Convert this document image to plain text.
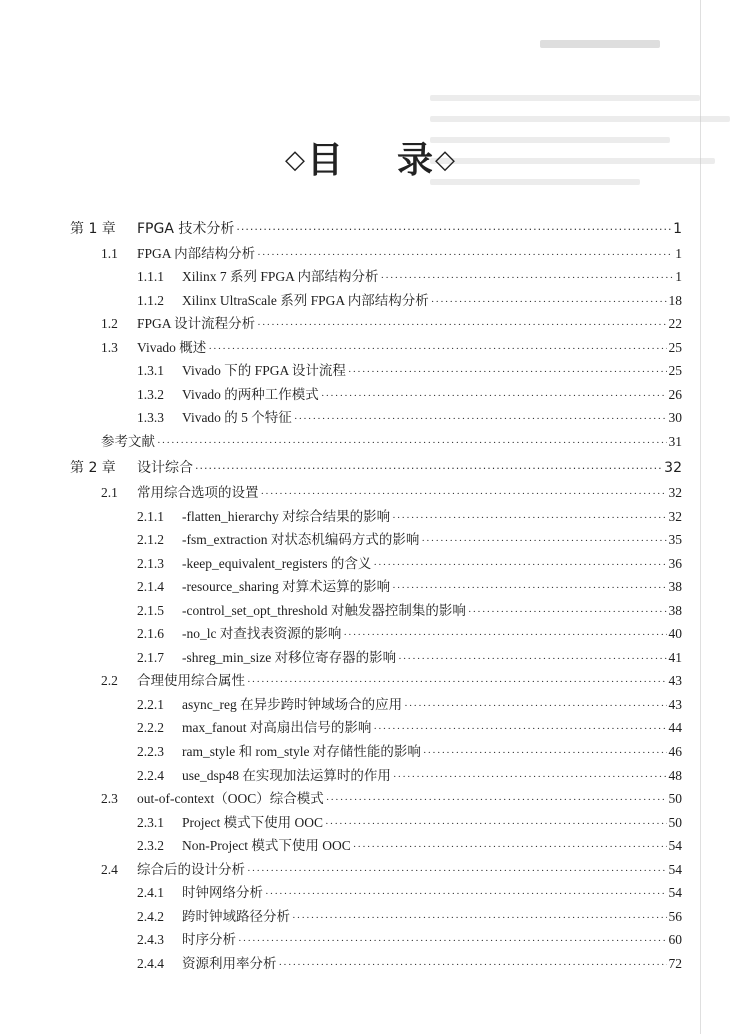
◇目 录◇
第 1 章 FPGA 技术分析 ·····	1
1.1 FPGA 内部结构分析 ·····	1
1.1.1 Xilinx 7 系列 FPGA 内部结构分析 ·····	1
1.1.2 Xilinx UltraScale 系列 FPGA 内部结构分析 ·····	18
1.2 FPGA 设计流程分析 ·····	22
1.3 Vivado 概述 ·····	25
1.3.1 Vivado 下的 FPGA 设计流程 ·····	25
1.3.2 Vivado 的两种工作模式 ·····	26
1.3.3 Vivado 的 5 个特征 ·····	30
参考文献 ·····	31
第 2 章 设计综合 ·····	32
2.1 常用综合选项的设置 ·····	32
2.1.1 -flatten_hierarchy 对综合结果的影响 ·····	32
2.1.2 -fsm_extraction 对状态机编码方式的影响 ·····	35
2.1.3 -keep_equivalent_registers 的含义 ·····	36
2.1.4 -resource_sharing 对算术运算的影响 ·····	38
2.1.5 -control_set_opt_threshold 对触发器控制集的影响 ·····	38
2.1.6 -no_lc 对查找表资源的影响 ·····	40
2.1.7 -shreg_min_size 对移位寄存器的影响 ·····	41
2.2 合理使用综合属性 ·····	43
2.2.1 async_reg 在异步跨时钟域场合的应用 ·····	43
2.2.2 max_fanout 对高扇出信号的影响 ·····	44
2.2.3 ram_style 和 rom_style 对存储性能的影响 ·····	46
2.2.4 use_dsp48 在实现加法运算时的作用 ·····	48
2.3 out-of-context（OOC）综合模式 ·····	50
2.3.1 Project 模式下使用 OOC ·····	50
2.3.2 Non-Project 模式下使用 OOC ·····	54
2.4 综合后的设计分析 ·····	54
2.4.1 时钟网络分析 ·····	54
2.4.2 跨时钟域路径分析 ·····	56
2.4.3 时序分析 ·····	60
2.4.4 资源利用率分析 ·····	72
